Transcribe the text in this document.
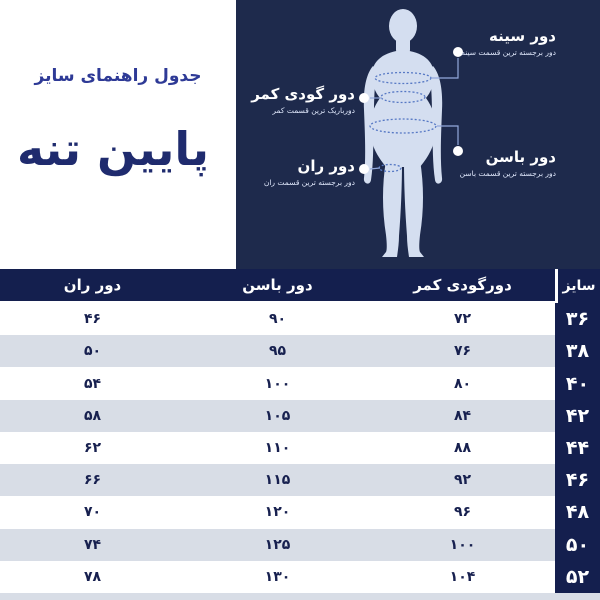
جدول راهنمای سایز
پایین تنه
دور سینه
دور برجسته ترین قسمت سینه
دور گودی کمر
دورباریک ترین قسمت کمر
دور باسن
دور برجسته ترین قسمت باسن
دور ران
دور برجسته ترین قسمت ران
دور ران	دور باسن	دورگودی کمر	سایز
۴۶	۹۰	۷۲	۳۶
۵۰	۹۵	۷۶	۳۸
۵۴	۱۰۰	۸۰	۴۰
۵۸	۱۰۵	۸۴	۴۲
۶۲	۱۱۰	۸۸	۴۴
۶۶	۱۱۵	۹۲	۴۶
۷۰	۱۲۰	۹۶	۴۸
۷۴	۱۲۵	۱۰۰	۵۰
۷۸	۱۳۰	۱۰۴	۵۲
